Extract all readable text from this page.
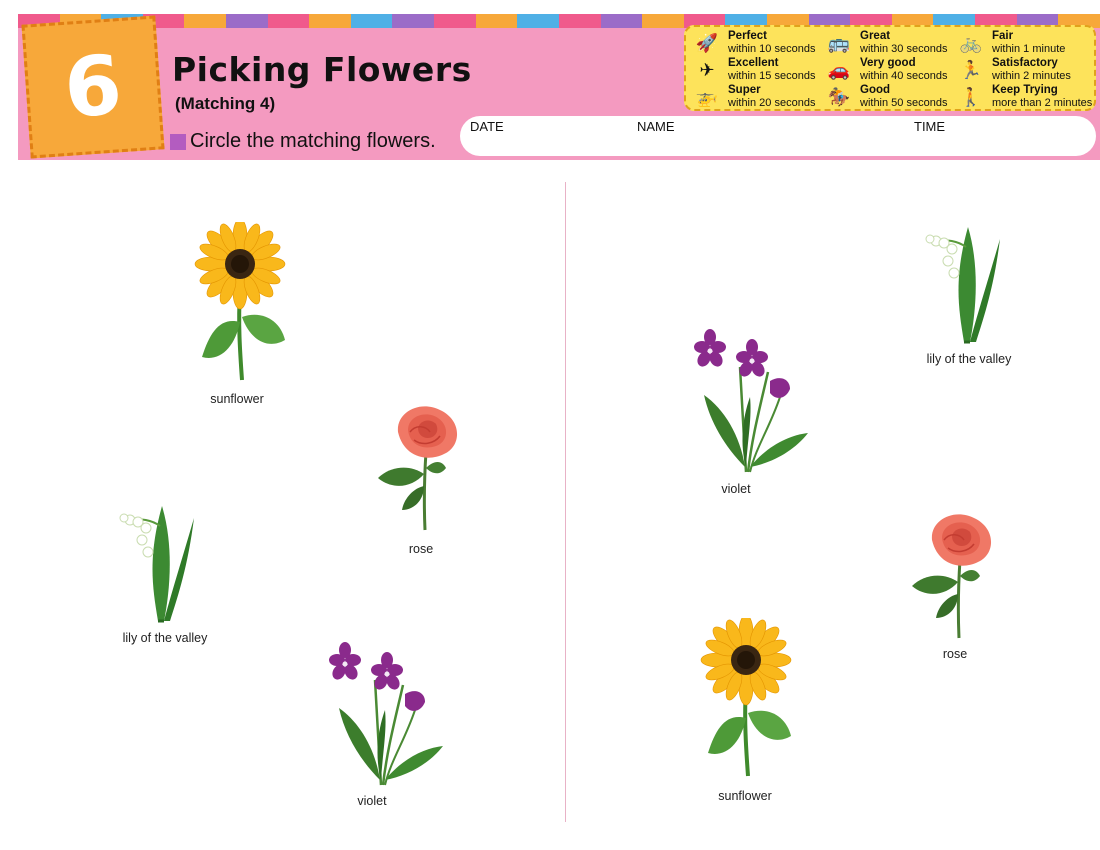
6 Picking Flowers
(Matching 4)
Circle the matching flowers.
DATE	NAME	TIME
🚀 Perfect
within 10 seconds
✈	Excellent
within 15 seconds
🚁 Super
within 20 seconds
🚌 Great
within 30 seconds
🚗 Very good
within 40 seconds
🏇 Good
within 50 seconds
🚲 Fair
within 1 minute
🏃 Satisfactory
within 2 minutes
🚶 Keep Trying
more than 2 minutes
sunflower
rose
lily of the valley
violet
lily of the valley
violet
rose
sunflower
